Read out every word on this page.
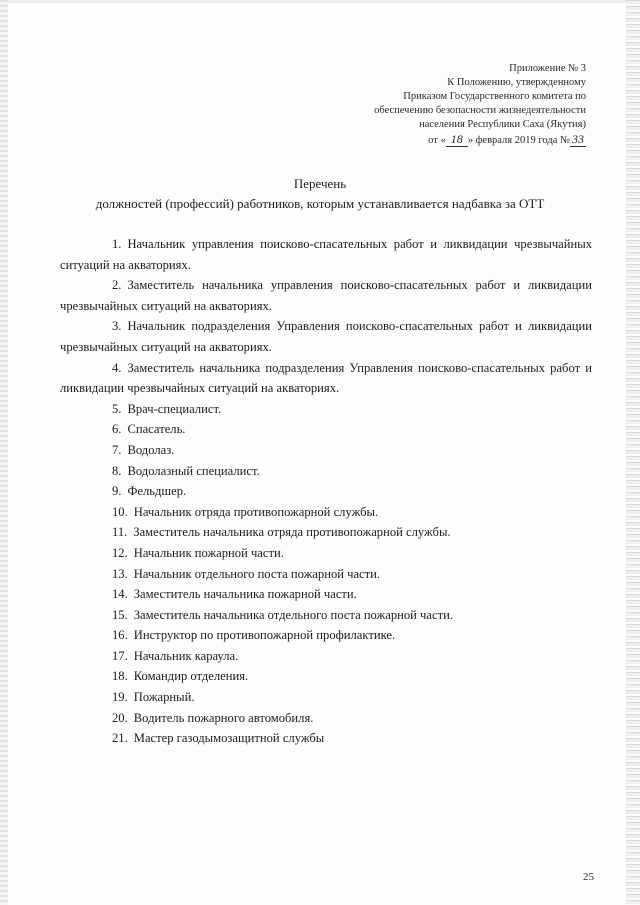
Приложение № 3
К Положению, утвержденному
Приказом Государственного комитета по
обеспечению безопасности жизнедеятельности
населения Республики Саха (Якутия)
от « 18 » февраля 2019 года № 33
Перечень
должностей (профессий) работников, которым устанавливается надбавка за ОТТ
1. Начальник управления поисково-спасательных работ и ликвидации чрезвычайных ситуаций на акваториях.
2. Заместитель начальника управления поисково-спасательных работ и ликвидации чрезвычайных ситуаций на акваториях.
3. Начальник подразделения Управления поисково-спасательных работ и ликвидации чрезвычайных ситуаций на акваториях.
4. Заместитель начальника подразделения Управления поисково-спасательных работ и ликвидации чрезвычайных ситуаций на акваториях.
5. Врач-специалист.
6. Спасатель.
7. Водолаз.
8. Водолазный специалист.
9. Фельдшер.
10. Начальник отряда противопожарной службы.
11. Заместитель начальника отряда противопожарной службы.
12. Начальник пожарной части.
13. Начальник отдельного поста пожарной части.
14. Заместитель начальника пожарной части.
15. Заместитель начальника отдельного поста пожарной части.
16. Инструктор по противопожарной профилактике.
17. Начальник караула.
18. Командир отделения.
19. Пожарный.
20. Водитель пожарного автомобиля.
21. Мастер газодымозащитной службы
25
